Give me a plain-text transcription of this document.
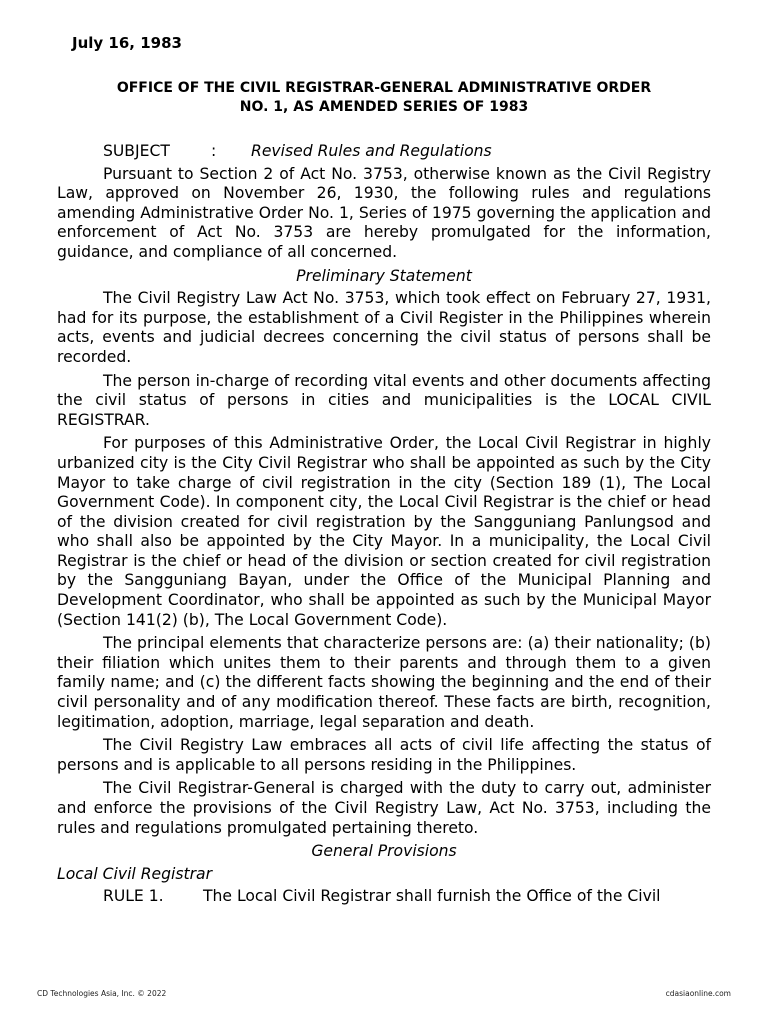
July 16, 1983
OFFICE OF THE CIVIL REGISTRAR-GENERAL ADMINISTRATIVE ORDER
NO. 1, AS AMENDED SERIES OF 1983
SUBJECT	: Revised Rules and Regulations

Pursuant to Section 2 of Act No. 3753, otherwise known as the Civil Registry Law, approved on November 26, 1930, the following rules and regulations amending Administrative Order No. 1, Series of 1975 governing the application and enforcement of Act No. 3753 are hereby promulgated for the information, guidance, and compliance of all concerned.

Preliminary Statement

The Civil Registry Law Act No. 3753, which took effect on February 27, 1931, had for its purpose, the establishment of a Civil Register in the Philippines wherein acts, events and judicial decrees concerning the civil status of persons shall be recorded.

The person in-charge of recording vital events and other documents affecting the civil status of persons in cities and municipalities is the LOCAL CIVIL REGISTRAR.

For purposes of this Administrative Order, the Local Civil Registrar in highly urbanized city is the City Civil Registrar who shall be appointed as such by the City Mayor to take charge of civil registration in the city (Section 189 (1), The Local Government Code). In component city, the Local Civil Registrar is the chief or head of the division created for civil registration by the Sangguniang Panlungsod and who shall also be appointed by the City Mayor. In a municipality, the Local Civil Registrar is the chief or head of the division or section created for civil registration by the Sangguniang Bayan, under the Office of the Municipal Planning and Development Coordinator, who shall be appointed as such by the Municipal Mayor (Section 141(2) (b), The Local Government Code).

The principal elements that characterize persons are: (a) their nationality; (b) their filiation which unites them to their parents and through them to a given family name; and (c) the different facts showing the beginning and the end of their civil personality and of any modification thereof. These facts are birth, recognition, legitimation, adoption, marriage, legal separation and death.

The Civil Registry Law embraces all acts of civil life affecting the status of persons and is applicable to all persons residing in the Philippines.

The Civil Registrar-General is charged with the duty to carry out, administer and enforce the provisions of the Civil Registry Law, Act No. 3753, including the rules and regulations promulgated pertaining thereto.

General Provisions
Local Civil Registrar
RULE 1.	The Local Civil Registrar shall furnish the Office of the Civil
CD Technologies Asia, Inc. © 2022	cdasiaonline.com
